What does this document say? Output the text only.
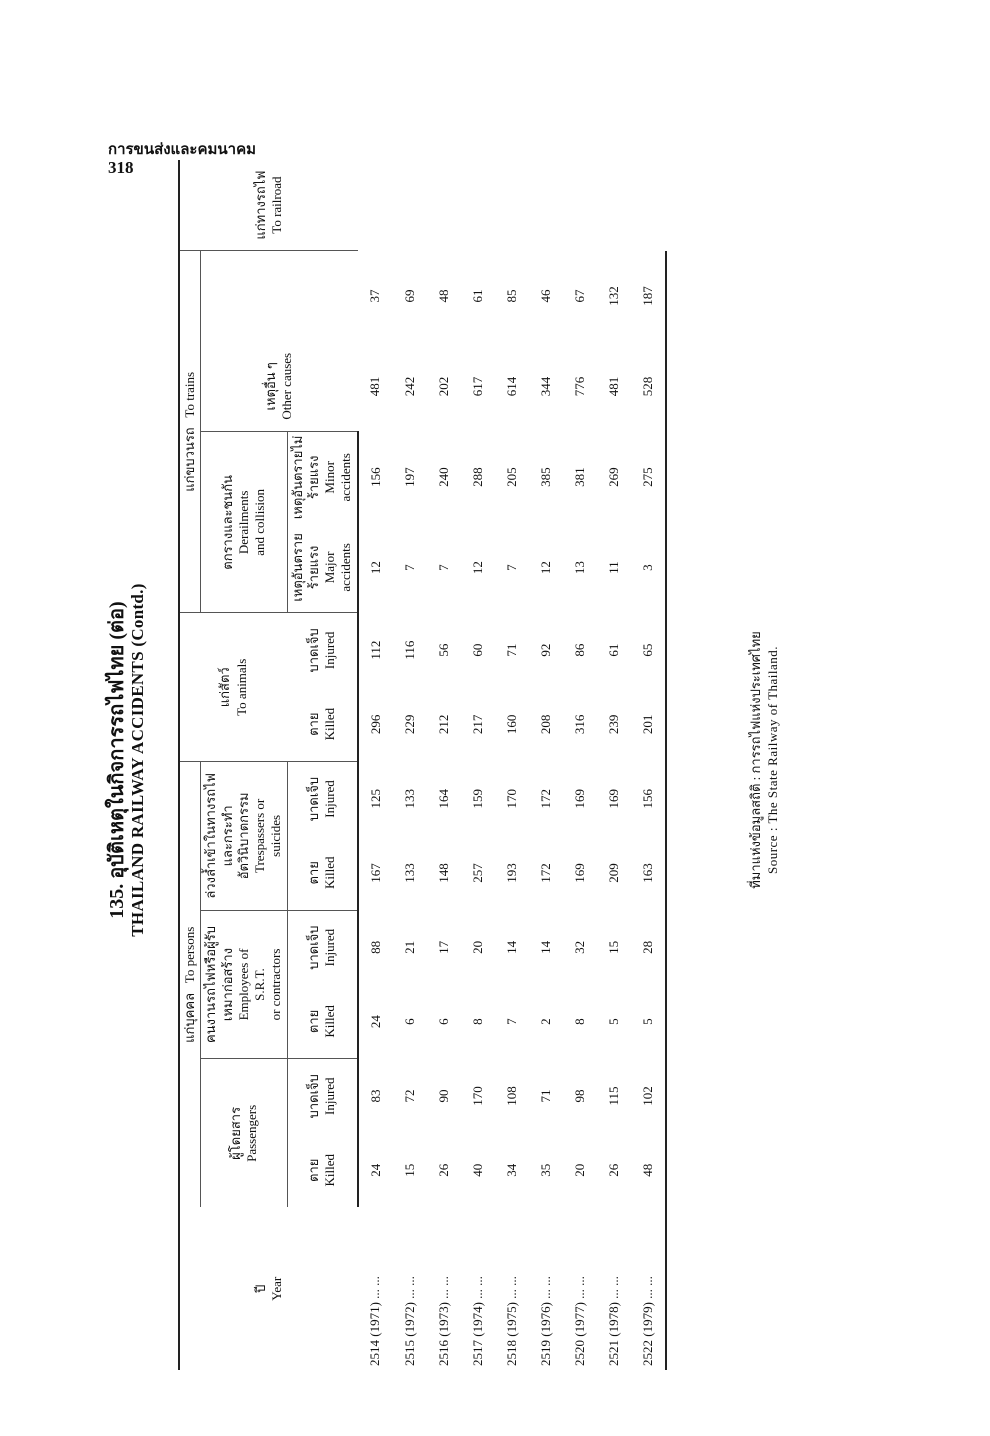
การขนส่งและคมนาคม
318
135. อุบัติเหตุในกิจการรถไฟไทย (ต่อ) THAILAND RAILWAY ACCIDENTS (Contd.)
ปี Year	แก่บุคคล   To persons						แก่สัตว์ To animals		แก่ขบวนรถ   To trains				แก่ทางรถไฟ To railroad

	ผู้โดยสาร Passengers		คนงานรถไฟหรือผู้รับเหมาก่อสร้าง Employees of S.R.T. or contractors		ล่วงล้ำเข้าในทางรถไฟและกระทำอัตวินิบาตกรรม Trespassers or suicides				ตกรางและชนกัน Derailments and collision		เหตุอื่น ๆ Other causes		

	ตาย Killed	บาดเจ็บ Injured	ตาย Killed	บาดเจ็บ Injured	ตาย Killed	บาดเจ็บ Injured	ตาย Killed	บาดเจ็บ Injured	เหตุอันตรายร้ายแรง Major accidents	เหตุอันตรายไม่ร้ายแรง Minor accidents			

2514 (1971) ... ...	24	83	24	88	167	125	296	112	12	156	481	37	
2515 (1972) ... ...	15	72	6	21	133	133	229	116	7	197	242	69	
2516 (1973) ... ...	26	90	6	17	148	164	212	56	7	240	202	48	
2517 (1974) ... ...	40	170	8	20	257	159	217	60	12	288	617	61	
2518 (1975) ... ...	34	108	7	14	193	170	160	71	7	205	614	85	
2519 (1976) ... ...	35	71	2	14	172	172	208	92	12	385	344	46	
2520 (1977) ... ...	20	98	8	32	169	169	316	86	13	381	776	67	
2521 (1978) ... ...	26	115	5	15	209	169	239	61	11	269	481	132	
2522 (1979) ... ...	48	102	5	28	163	156	201	65	3	275	528	187	
ที่มาแห่งข้อมูลสถิติ : การรถไฟแห่งประเทศไทย Source : The State Railway of Thailand.
